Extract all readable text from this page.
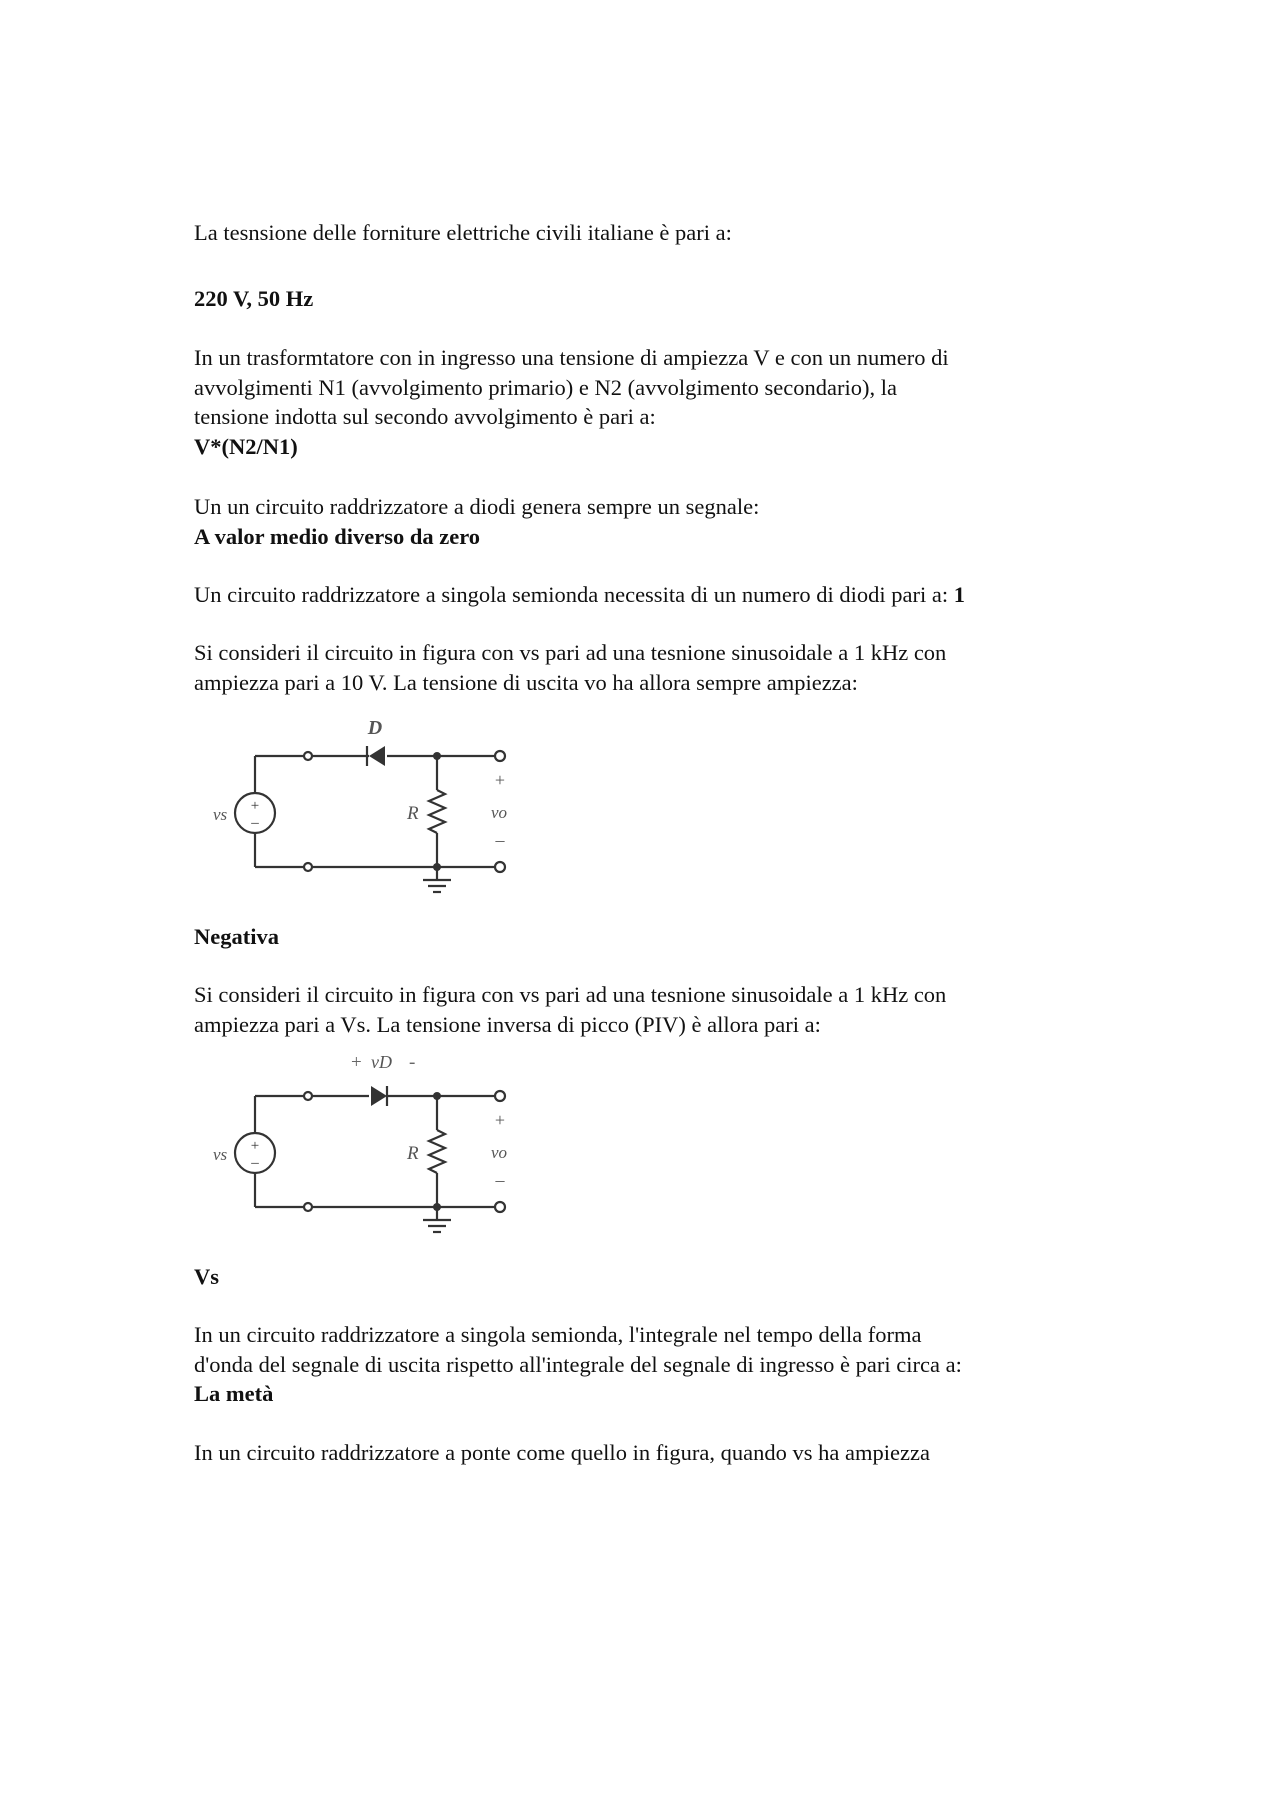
La tesnsione delle forniture elettriche civili italiane è pari a:

220 V, 50 Hz

In un trasformtatore con in ingresso una tensione di ampiezza V e con un numero di

avvolgimenti N1 (avvolgimento primario) e N2 (avvolgimento secondario), la

tensione indotta sul secondo avvolgimento è pari a:

V*(N2/N1)

Un un circuito raddrizzatore a diodi genera sempre un segnale:

A valor medio diverso da zero

Un circuito raddrizzatore a singola semionda necessita di un numero di diodi pari a: 1

Si consideri il circuito in figura con vs pari ad una tesnione sinusoidale a 1 kHz con

ampiezza pari a 10 V. La tensione di uscita vo ha allora sempre ampiezza:

D
vs +
–	R	vo
+
–

Negativa

Si consideri il circuito in figura con vs pari ad una tesnione sinusoidale a 1 kHz con

ampiezza pari a Vs. La tensione inversa di picco (PIV) è allora pari a:

+ vD -
vs +
–	R	vo
+
–

Vs

In un circuito raddrizzatore a singola semionda, l'integrale nel tempo della forma

d'onda del segnale di uscita rispetto all'integrale del segnale di ingresso è pari circa a:

La metà

In un circuito raddrizzatore a ponte come quello in figura, quando vs ha ampiezza
